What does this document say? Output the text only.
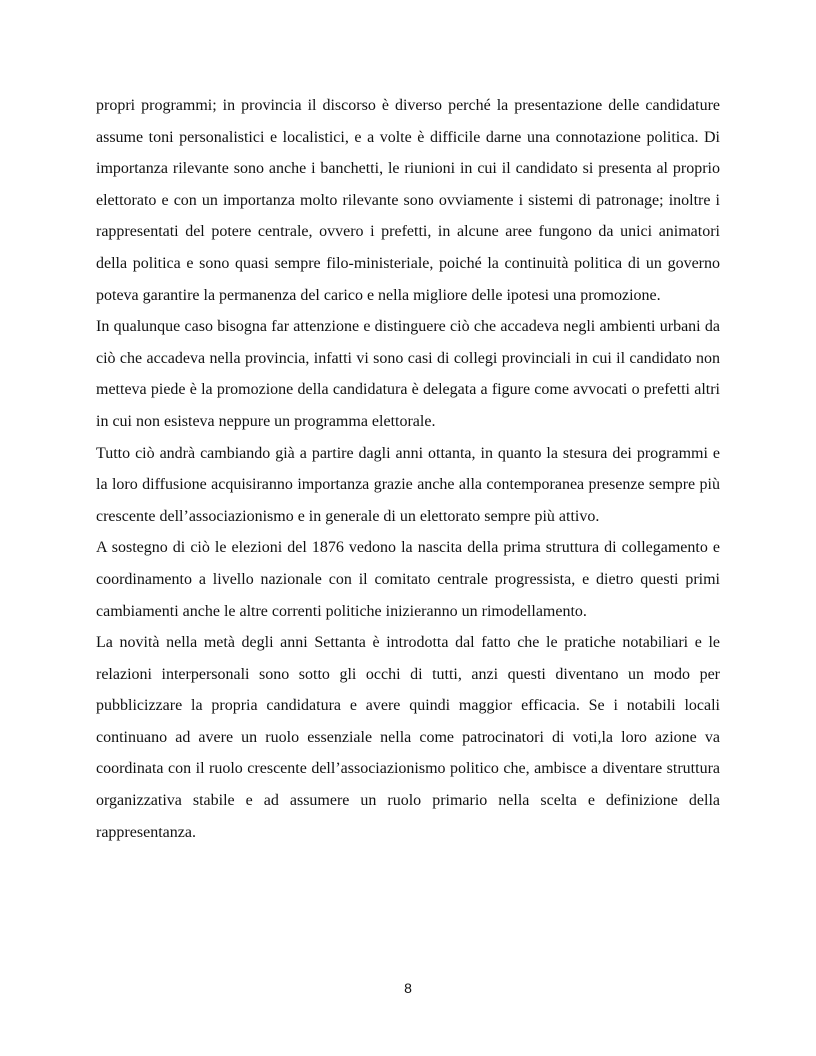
propri programmi; in provincia il discorso è diverso perché la presentazione delle candidature assume toni personalistici e localistici, e a volte è difficile darne una connotazione politica. Di importanza rilevante sono anche i banchetti, le riunioni in cui il candidato si presenta al proprio elettorato e con un importanza molto rilevante sono ovviamente i sistemi di patronage; inoltre i rappresentati del potere centrale, ovvero i prefetti, in alcune aree fungono da unici animatori della politica e sono quasi sempre filo-ministeriale, poiché la continuità politica di un governo poteva garantire la permanenza del carico e nella migliore delle ipotesi una promozione.

In qualunque caso bisogna far attenzione e distinguere ciò che accadeva negli ambienti urbani da ciò che accadeva nella provincia, infatti vi sono casi di collegi provinciali in cui il candidato non metteva piede è la promozione della candidatura è delegata a figure come avvocati o prefetti altri in cui non esisteva neppure un programma elettorale.

Tutto ciò andrà cambiando già a partire dagli anni ottanta, in quanto la stesura dei programmi e la loro diffusione acquisiranno importanza grazie anche alla contemporanea presenze sempre più crescente dell’associazionismo e in generale di un elettorato sempre più attivo.

A sostegno di ciò le elezioni del 1876 vedono la nascita della prima struttura di collegamento e coordinamento a livello nazionale con il comitato centrale progressista, e dietro questi primi cambiamenti anche le altre correnti politiche inizieranno un rimodellamento.

La novità nella metà degli anni Settanta è introdotta dal fatto che le pratiche notabiliari e le relazioni interpersonali sono sotto gli occhi di tutti, anzi questi diventano un modo per pubblicizzare la propria candidatura e avere quindi maggior efficacia. Se i notabili locali continuano ad avere un ruolo essenziale nella come patrocinatori di voti,la loro azione va coordinata con il ruolo crescente dell’associazionismo politico che, ambisce a diventare struttura organizzativa stabile e ad assumere un ruolo primario nella scelta e definizione della rappresentanza.

8
